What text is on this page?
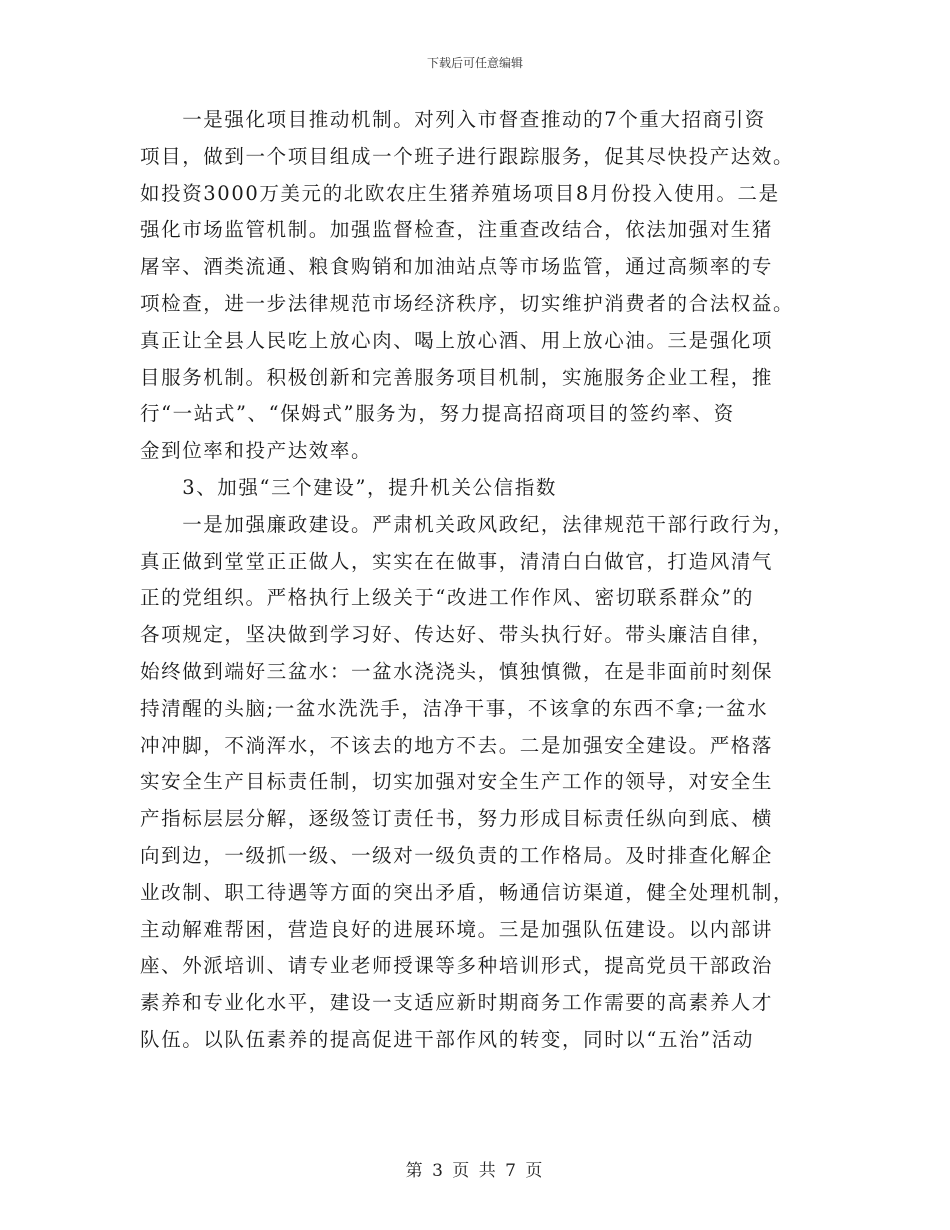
下载后可任意编辑
　　一是强化项目推动机制。对列入市督查推动的7个重大招商引资
项目，做到一个项目组成一个班子进行跟踪服务，促其尽快投产达效。
如投资3000万美元的北欧农庄生猪养殖场项目8月份投入使用。二是
强化市场监管机制。加强监督检查，注重查改结合，依法加强对生猪
屠宰、酒类流通、粮食购销和加油站点等市场监管，通过高频率的专
项检查，进一步法律规范市场经济秩序，切实维护消费者的合法权益。
真正让全县人民吃上放心肉、喝上放心酒、用上放心油。三是强化项
目服务机制。积极创新和完善服务项目机制，实施服务企业工程，推
行“一站式”、“保姆式”服务为，努力提高招商项目的签约率、资
金到位率和投产达效率。
　　3、加强“三个建设”，提升机关公信指数
　　一是加强廉政建设。严肃机关政风政纪，法律规范干部行政行为，
真正做到堂堂正正做人，实实在在做事，清清白白做官，打造风清气
正的党组织。严格执行上级关于“改进工作作风、密切联系群众”的
各项规定，坚决做到学习好、传达好、带头执行好。带头廉洁自律，
始终做到端好三盆水：一盆水浇浇头，慎独慎微，在是非面前时刻保
持清醒的头脑;一盆水洗洗手，洁净干事，不该拿的东西不拿;一盆水
冲冲脚，不淌浑水，不该去的地方不去。二是加强安全建设。严格落
实安全生产目标责任制，切实加强对安全生产工作的领导，对安全生
产指标层层分解，逐级签订责任书，努力形成目标责任纵向到底、横
向到边，一级抓一级、一级对一级负责的工作格局。及时排查化解企
业改制、职工待遇等方面的突出矛盾，畅通信访渠道，健全处理机制，
主动解难帮困，营造良好的进展环境。三是加强队伍建设。以内部讲
座、外派培训、请专业老师授课等多种培训形式，提高党员干部政治
素养和专业化水平，建设一支适应新时期商务工作需要的高素养人才
队伍。以队伍素养的提高促进干部作风的转变，同时以“五治”活动
第 3 页 共 7 页
